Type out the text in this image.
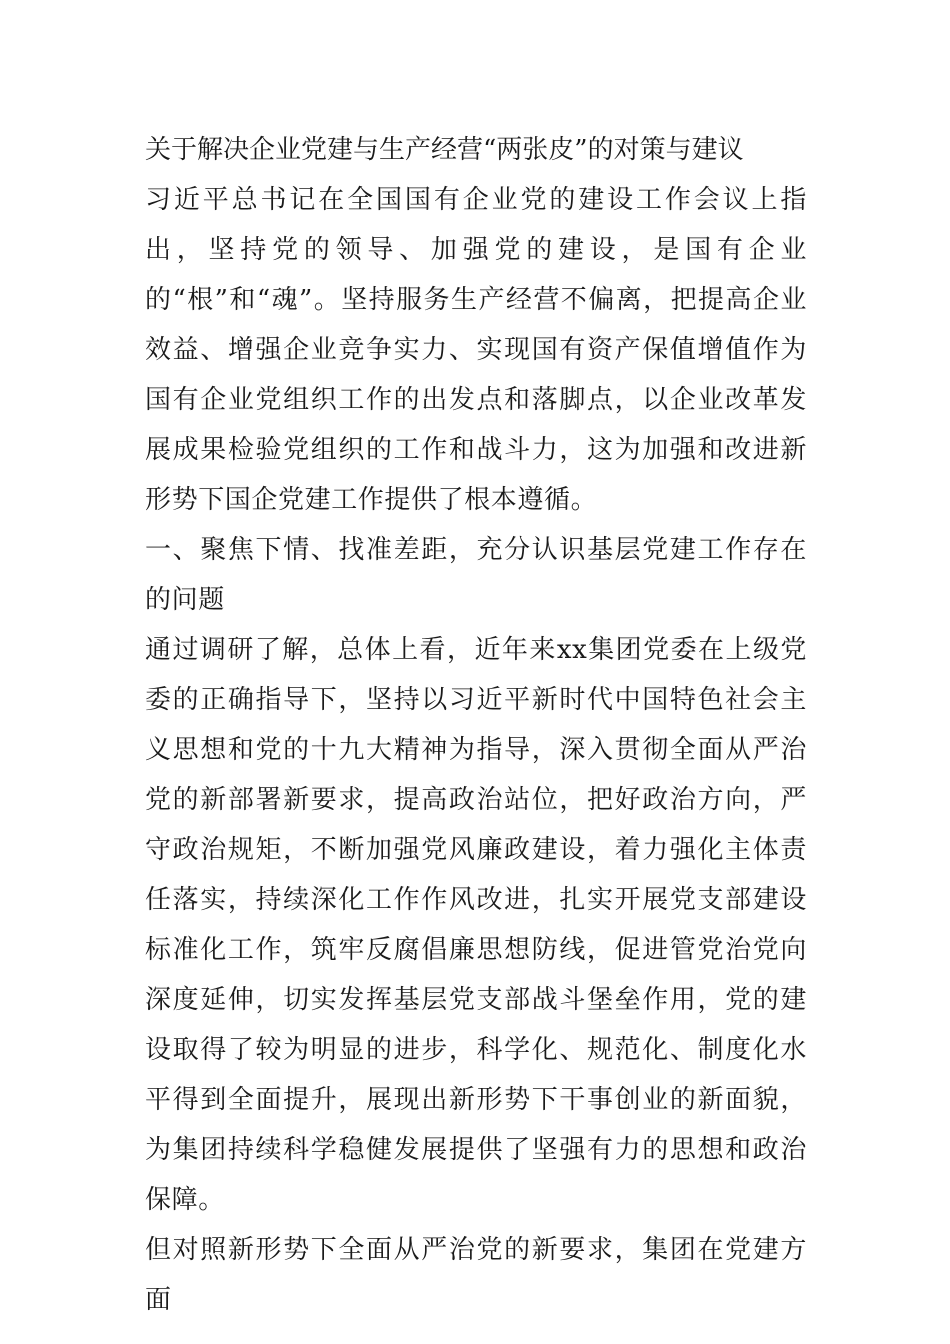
关于解决企业党建与生产经营“两张皮”的对策与建议

习近平总书记在全国国有企业党的建设工作会议上指出，坚持党的领导、加强党的建设，是国有企业的“根”和“魂”。坚持服务生产经营不偏离，把提高企业效益、增强企业竞争实力、实现国有资产保值增值作为国有企业党组织工作的出发点和落脚点，以企业改革发展成果检验党组织的工作和战斗力，这为加强和改进新形势下国企党建工作提供了根本遵循。

一、聚焦下情、找准差距，充分认识基层党建工作存在的问题

通过调研了解，总体上看，近年来xx集团党委在上级党委的正确指导下，坚持以习近平新时代中国特色社会主义思想和党的十九大精神为指导，深入贯彻全面从严治党的新部署新要求，提高政治站位，把好政治方向，严守政治规矩，不断加强党风廉政建设，着力强化主体责任落实，持续深化工作作风改进，扎实开展党支部建设标准化工作，筑牢反腐倡廉思想防线，促进管党治党向深度延伸，切实发挥基层党支部战斗堡垒作用，党的建设取得了较为明显的进步，科学化、规范化、制度化水平得到全面提升，展现出新形势下干事创业的新面貌，为集团持续科学稳健发展提供了坚强有力的思想和政治保障。

但对照新形势下全面从严治党的新要求，集团在党建方面
